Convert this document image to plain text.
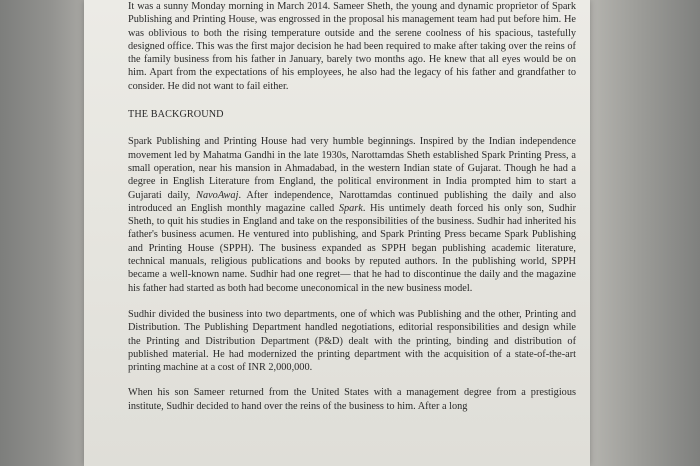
It was a sunny Monday morning in March 2014. Sameer Sheth, the young and dynamic proprietor of Spark Publishing and Printing House, was engrossed in the proposal his management team had put before him. He was oblivious to both the rising temperature outside and the serene coolness of his spacious, tastefully designed office. This was the first major decision he had been required to make after taking over the reins of the family business from his father in January, barely two months ago. He knew that all eyes would be on him. Apart from the expectations of his employees, he also had the legacy of his father and grandfather to consider. He did not want to fail either.

THE BACKGROUND

Spark Publishing and Printing House had very humble beginnings. Inspired by the Indian independence movement led by Mahatma Gandhi in the late 1930s, Narottamdas Sheth established Spark Printing Press, a small operation, near his mansion in Ahmadabad, in the western Indian state of Gujarat. Though he had a degree in English Literature from England, the political environment in India prompted him to start a Gujarati daily, NavoAwaj. After independence, Narottamdas continued publishing the daily and also introduced an English monthly magazine called Spark. His untimely death forced his only son, Sudhir Sheth, to quit his studies in England and take on the responsibilities of the business. Sudhir had inherited his father's business acumen. He ventured into publishing, and Spark Printing Press became Spark Publishing and Printing House (SPPH). The business expanded as SPPH began publishing academic literature, technical manuals, religious publications and books by reputed authors. In the publishing world, SPPH became a well-known name. Sudhir had one regret— that he had to discontinue the daily and the magazine his father had started as both had become uneconomical in the new business model.

Sudhir divided the business into two departments, one of which was Publishing and the other, Printing and Distribution. The Publishing Department handled negotiations, editorial responsibilities and design while the Printing and Distribution Department (P&D) dealt with the printing, binding and distribution of published material. He had modernized the printing department with the acquisition of a state-of-the-art printing machine at a cost of INR 2,000,000.

When his son Sameer returned from the United States with a management degree from a prestigious institute, Sudhir decided to hand over the reins of the business to him. After a long
